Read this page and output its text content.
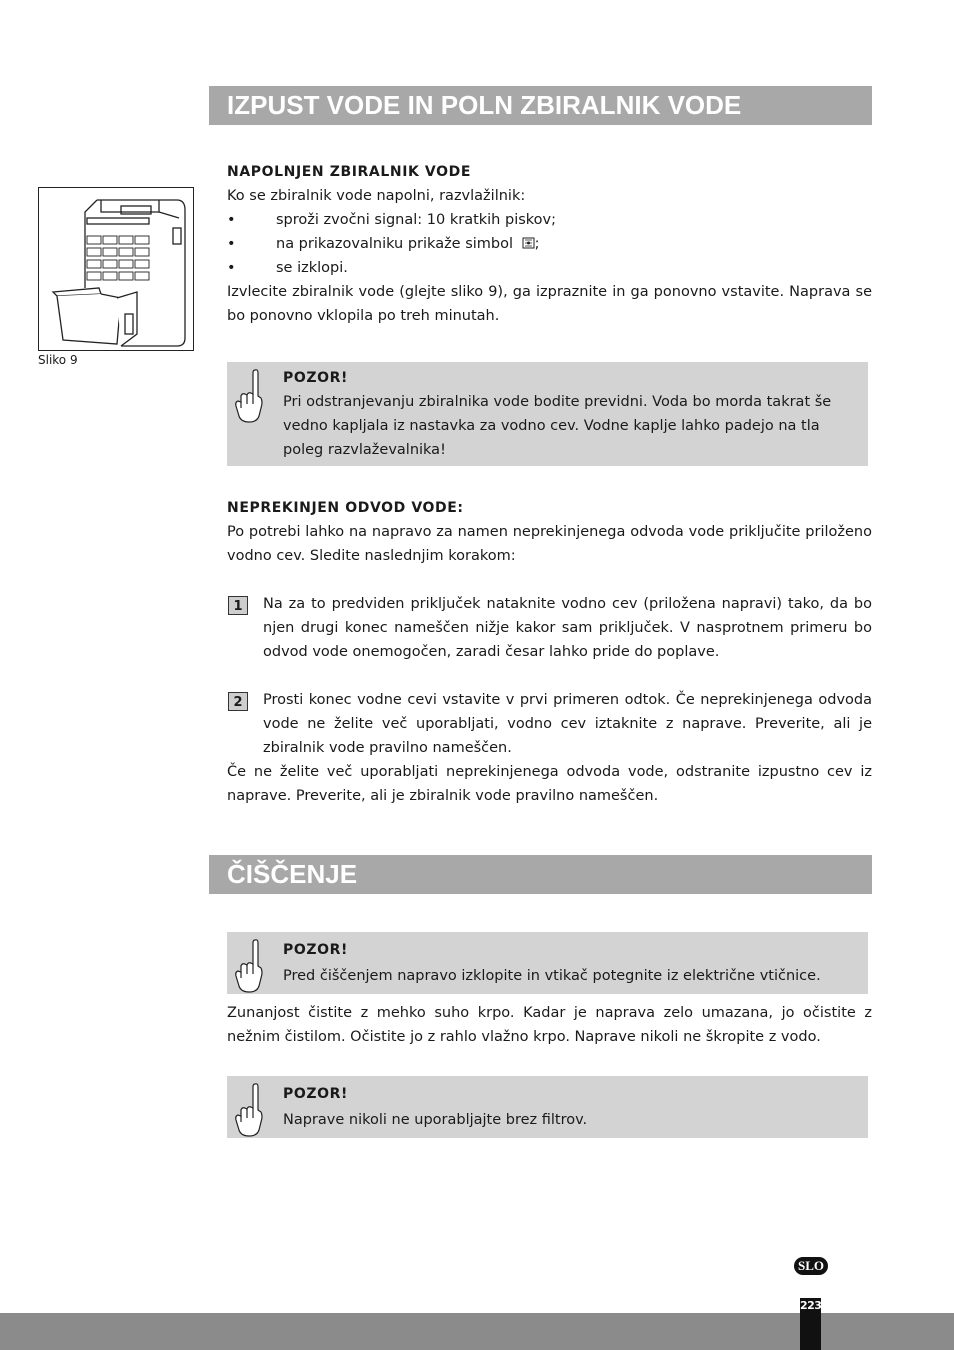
IZPUST VODE IN POLN ZBIRALNIK VODE
Sliko 9
NAPOLNJEN ZBIRALNIK VODE
Ko se zbiralnik vode napolni, razvlažilnik:
•	sproži zvočni signal: 10 kratkih piskov;
•	na prikazovalniku prikaže simbol ;
•	se izklopi.

Izvlecite zbiralnik vode (glejte sliko 9), ga izpraznite in ga ponovno vstavite. Naprava se bo ponovno vklopila po treh minutah.

POZOR!
Pri odstranjevanju zbiralnika vode bodite previdni. Voda bo morda takrat še vedno kapljala iz nastavka za vodno cev. Vodne kaplje lahko padejo na tla poleg razvlaževalnika!
NEPREKINJEN ODVOD VODE:

Po potrebi lahko na napravo za namen neprekinjenega odvoda vode priključite priloženo vodno cev. Sledite naslednjim korakom:

1	Na za to predviden priključek nataknite vodno cev (priložena napravi) tako, da bo njen drugi konec nameščen nižje kakor sam priključek. V nasprotnem primeru bo odvod vode onemogočen, zaradi česar lahko pride do poplave.
2	Prosti konec vodne cevi vstavite v prvi primeren odtok. Če neprekinjenega odvoda vode ne želite več uporabljati, vodno cev iztaknite z naprave. Preverite, ali je zbiralnik vode pravilno nameščen.

Če ne želite več uporabljati neprekinjenega odvoda vode, odstranite izpustno cev iz naprave. Preverite, ali je zbiralnik vode pravilno nameščen.

ČIŠČENJE
POZOR!
Pred čiščenjem napravo izklopite in vtikač potegnite iz električne vtičnice.

Zunanjost čistite z mehko suho krpo. Kadar je naprava zelo umazana, jo očistite z nežnim čistilom. Očistite jo z rahlo vlažno krpo. Naprave nikoli ne škropite z vodo.

POZOR!
Naprave nikoli ne uporabljajte brez filtrov.
SLO
223
